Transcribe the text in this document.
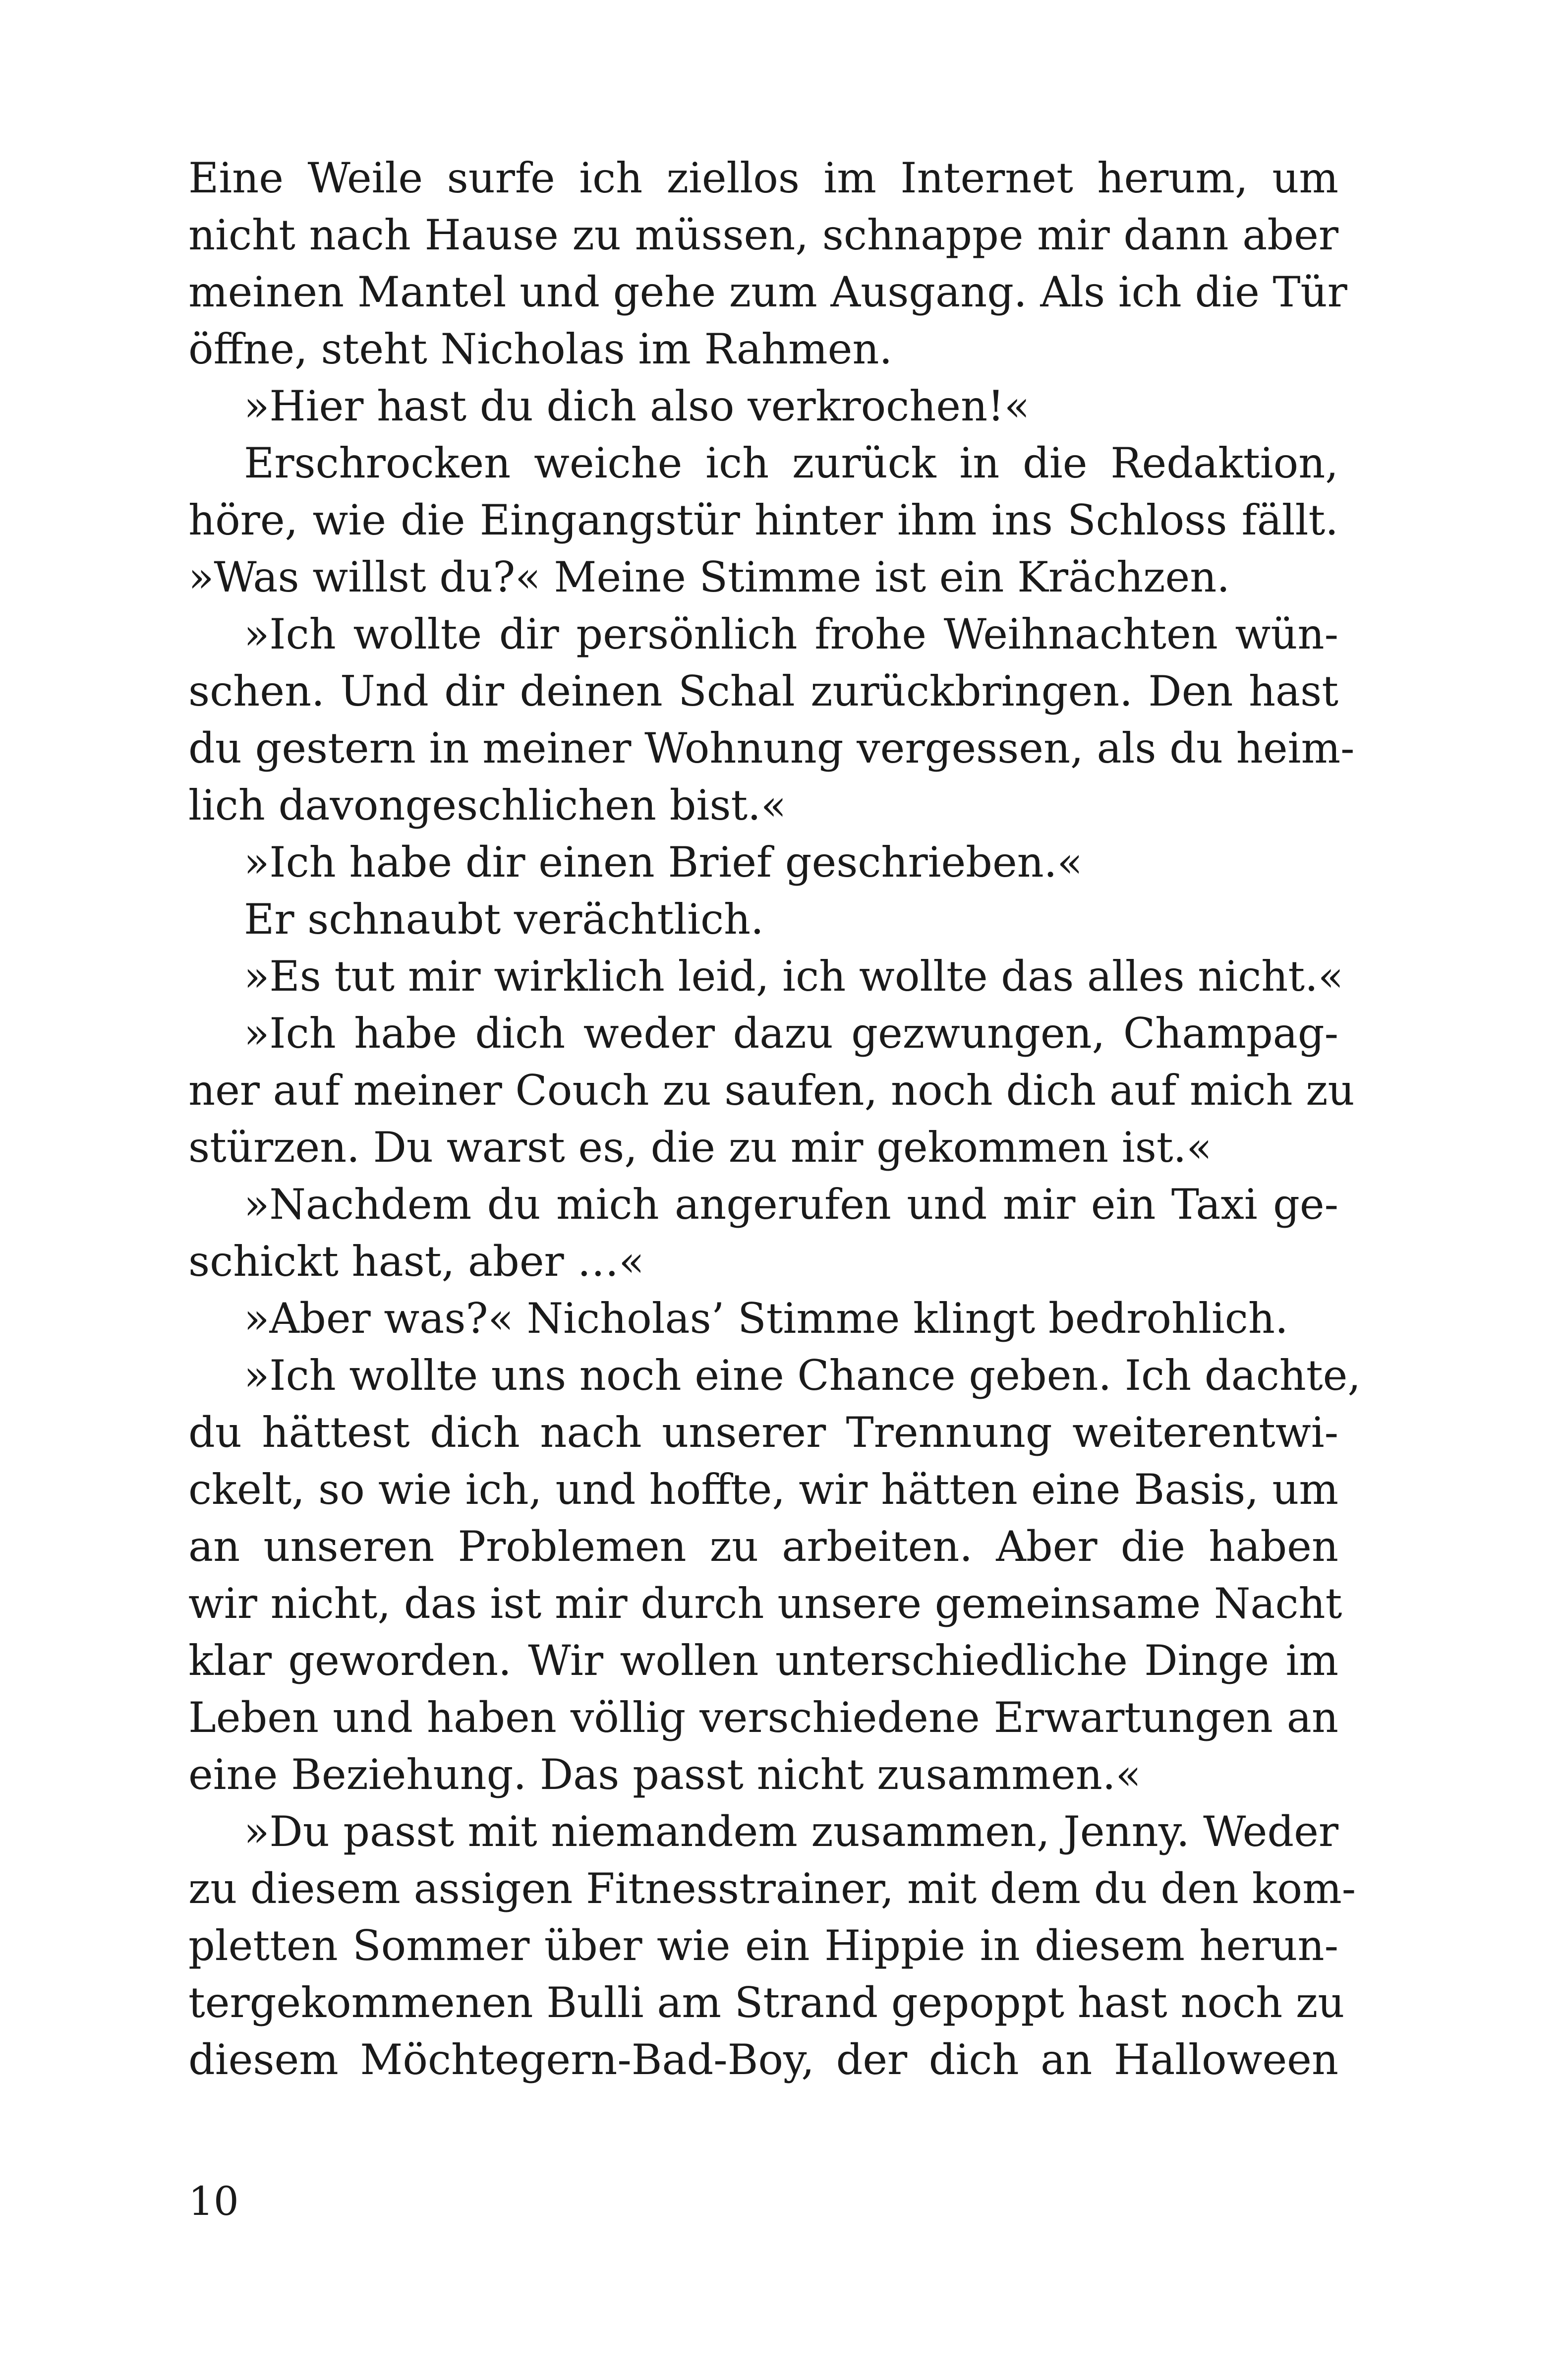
Eine Weile surfe ich ziellos im Internet herum, um
nicht nach Hause zu müssen, schnappe mir dann aber
meinen Mantel und gehe zum Ausgang. Als ich die Tür
öffne, steht Nicholas im Rahmen.
»Hier hast du dich also verkrochen!«
Erschrocken weiche ich zurück in die Redaktion,
höre, wie die Eingangstür hinter ihm ins Schloss fällt.
»Was willst du?« Meine Stimme ist ein Krächzen.
»Ich wollte dir persönlich frohe Weihnachten wün-
schen. Und dir deinen Schal zurückbringen. Den hast
du gestern in meiner Wohnung vergessen, als du heim-
lich davongeschlichen bist.«
»Ich habe dir einen Brief geschrieben.«
Er schnaubt verächtlich.
»Es tut mir wirklich leid, ich wollte das alles nicht.«
»Ich habe dich weder dazu gezwungen, Champag-
ner auf meiner Couch zu saufen, noch dich auf mich zu
stürzen. Du warst es, die zu mir gekommen ist.«
»Nachdem du mich angerufen und mir ein Taxi ge-
schickt hast, aber …«
»Aber was?« Nicholas’ Stimme klingt bedrohlich.
»Ich wollte uns noch eine Chance geben. Ich dachte,
du hättest dich nach unserer Trennung weiterentwi-
ckelt, so wie ich, und hoffte, wir hätten eine Basis, um
an unseren Problemen zu arbeiten. Aber die haben
wir nicht, das ist mir durch unsere gemeinsame Nacht
klar geworden. Wir wollen unterschiedliche Dinge im
Leben und haben völlig verschiedene Erwartungen an
eine Beziehung. Das passt nicht zusammen.«
»Du passt mit niemandem zusammen, Jenny. Weder
zu diesem assigen Fitnesstrainer, mit dem du den kom-
pletten Sommer über wie ein Hippie in diesem herun-
tergekommenen Bulli am Strand gepoppt hast noch zu
diesem Möchtegern-Bad-Boy, der dich an Halloween
10
